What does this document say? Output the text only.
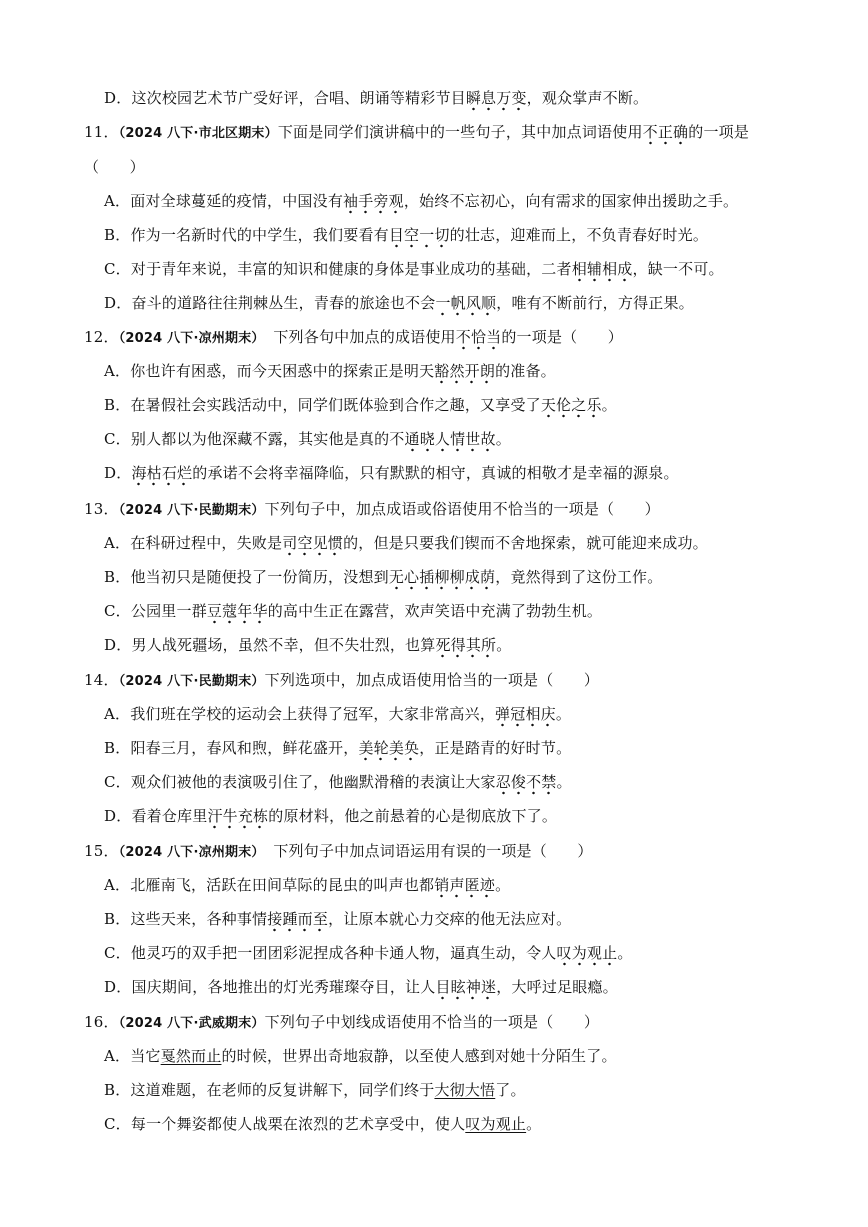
D．这次校园艺术节广受好评，合唱、朗诵等精彩节目瞬息万变，观众掌声不断。
11．（2024 八下·市北区期末）下面是同学们演讲稿中的一些句子，其中加点词语使用不正确的一项是
（　　）
A．面对全球蔓延的疫情，中国没有袖手旁观，始终不忘初心，向有需求的国家伸出援助之手。
B．作为一名新时代的中学生，我们要看有目空一切的壮志，迎难而上，不负青春好时光。
C．对于青年来说，丰富的知识和健康的身体是事业成功的基础，二者相辅相成，缺一不可。
D．奋斗的道路往往荆棘丛生，青春的旅途也不会一帆风顺，唯有不断前行，方得正果。
12．（2024 八下·凉州期末）　下列各句中加点的成语使用不恰当的一项是（　　）
A．你也许有困惑，而今天困惑中的探索正是明天豁然开朗的准备。
B．在暑假社会实践活动中，同学们既体验到合作之趣，又享受了天伦之乐。
C．别人都以为他深藏不露，其实他是真的不通晓人情世故。
D．海枯石烂的承诺不会将幸福降临，只有默默的相守，真诚的相敬才是幸福的源泉。
13．（2024 八下·民勤期末）下列句子中，加点成语或俗语使用不恰当的一项是（　　）
A．在科研过程中，失败是司空见惯的，但是只要我们锲而不舍地探索，就可能迎来成功。
B．他当初只是随便投了一份简历，没想到无心插柳柳成荫，竟然得到了这份工作。
C．公园里一群豆蔻年华的高中生正在露营，欢声笑语中充满了勃勃生机。
D．男人战死疆场，虽然不幸，但不失壮烈，也算死得其所。
14．（2024 八下·民勤期末）下列选项中，加点成语使用恰当的一项是（　　）
A．我们班在学校的运动会上获得了冠军，大家非常高兴，弹冠相庆。
B．阳春三月，春风和煦，鲜花盛开，美轮美奂，正是踏青的好时节。
C．观众们被他的表演吸引住了，他幽默滑稽的表演让大家忍俊不禁。
D．看着仓库里汗牛充栋的原材料，他之前悬着的心是彻底放下了。
15．（2024 八下·凉州期末）　下列句子中加点词语运用有误的一项是（　　）
A．北雁南飞，活跃在田间草际的昆虫的叫声也都销声匿迹。
B．这些天来，各种事情接踵而至，让原本就心力交瘁的他无法应对。
C．他灵巧的双手把一团团彩泥捏成各种卡通人物，逼真生动，令人叹为观止。
D．国庆期间，各地推出的灯光秀璀璨夺目，让人目眩神迷，大呼过足眼瘾。
16．（2024 八下·武威期末）下列句子中划线成语使用不恰当的一项是（　　）
A．当它戛然而止的时候，世界出奇地寂静，以至使人感到对她十分陌生了。
B．这道难题，在老师的反复讲解下，同学们终于大彻大悟了。
C．每一个舞姿都使人战栗在浓烈的艺术享受中，使人叹为观止。
